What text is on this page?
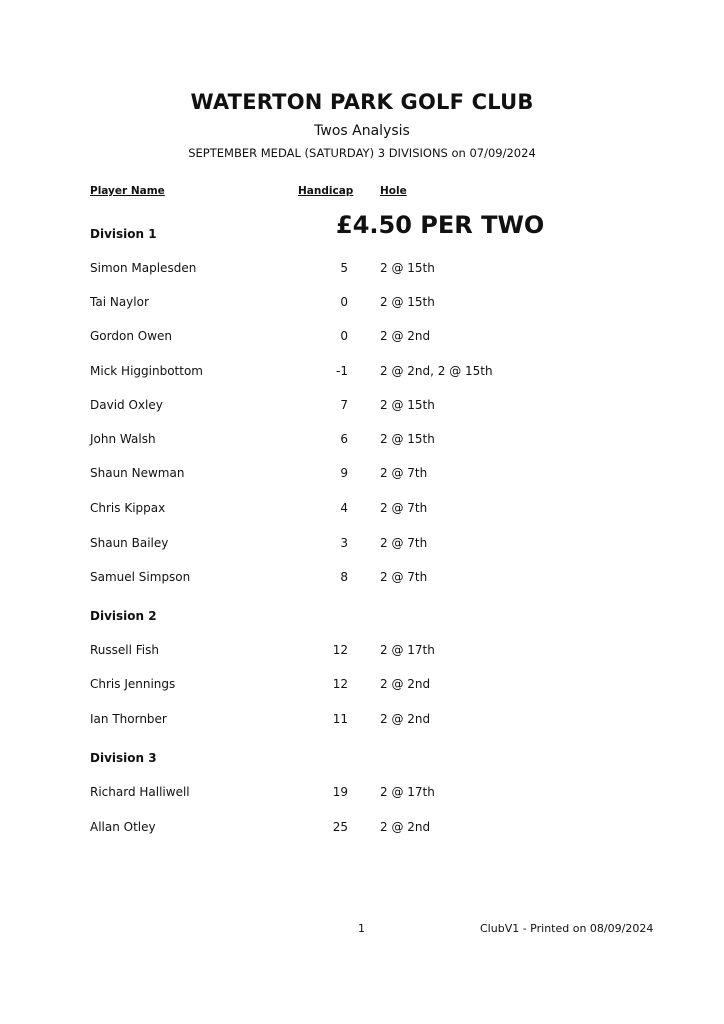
WATERTON PARK GOLF CLUB
Twos Analysis
SEPTEMBER MEDAL (SATURDAY) 3 DIVISIONS on 07/09/2024
Player Name	Handicap	Hole
£4.50 PER TWO
Division 1
Simon Maplesden	5	2 @ 15th
Tai Naylor	0	2 @ 15th
Gordon Owen	0	2 @ 2nd
Mick Higginbottom	-1	2 @ 2nd, 2 @ 15th
David Oxley	7	2 @ 15th
John Walsh	6	2 @ 15th
Shaun Newman	9	2 @ 7th
Chris Kippax	4	2 @ 7th
Shaun Bailey	3	2 @ 7th
Samuel Simpson	8	2 @ 7th
Division 2
Russell Fish	12	2 @ 17th
Chris Jennings	12	2 @ 2nd
Ian Thornber	11	2 @ 2nd
Division 3
Richard Halliwell	19	2 @ 17th
Allan Otley	25	2 @ 2nd
1	ClubV1 - Printed on 08/09/2024
